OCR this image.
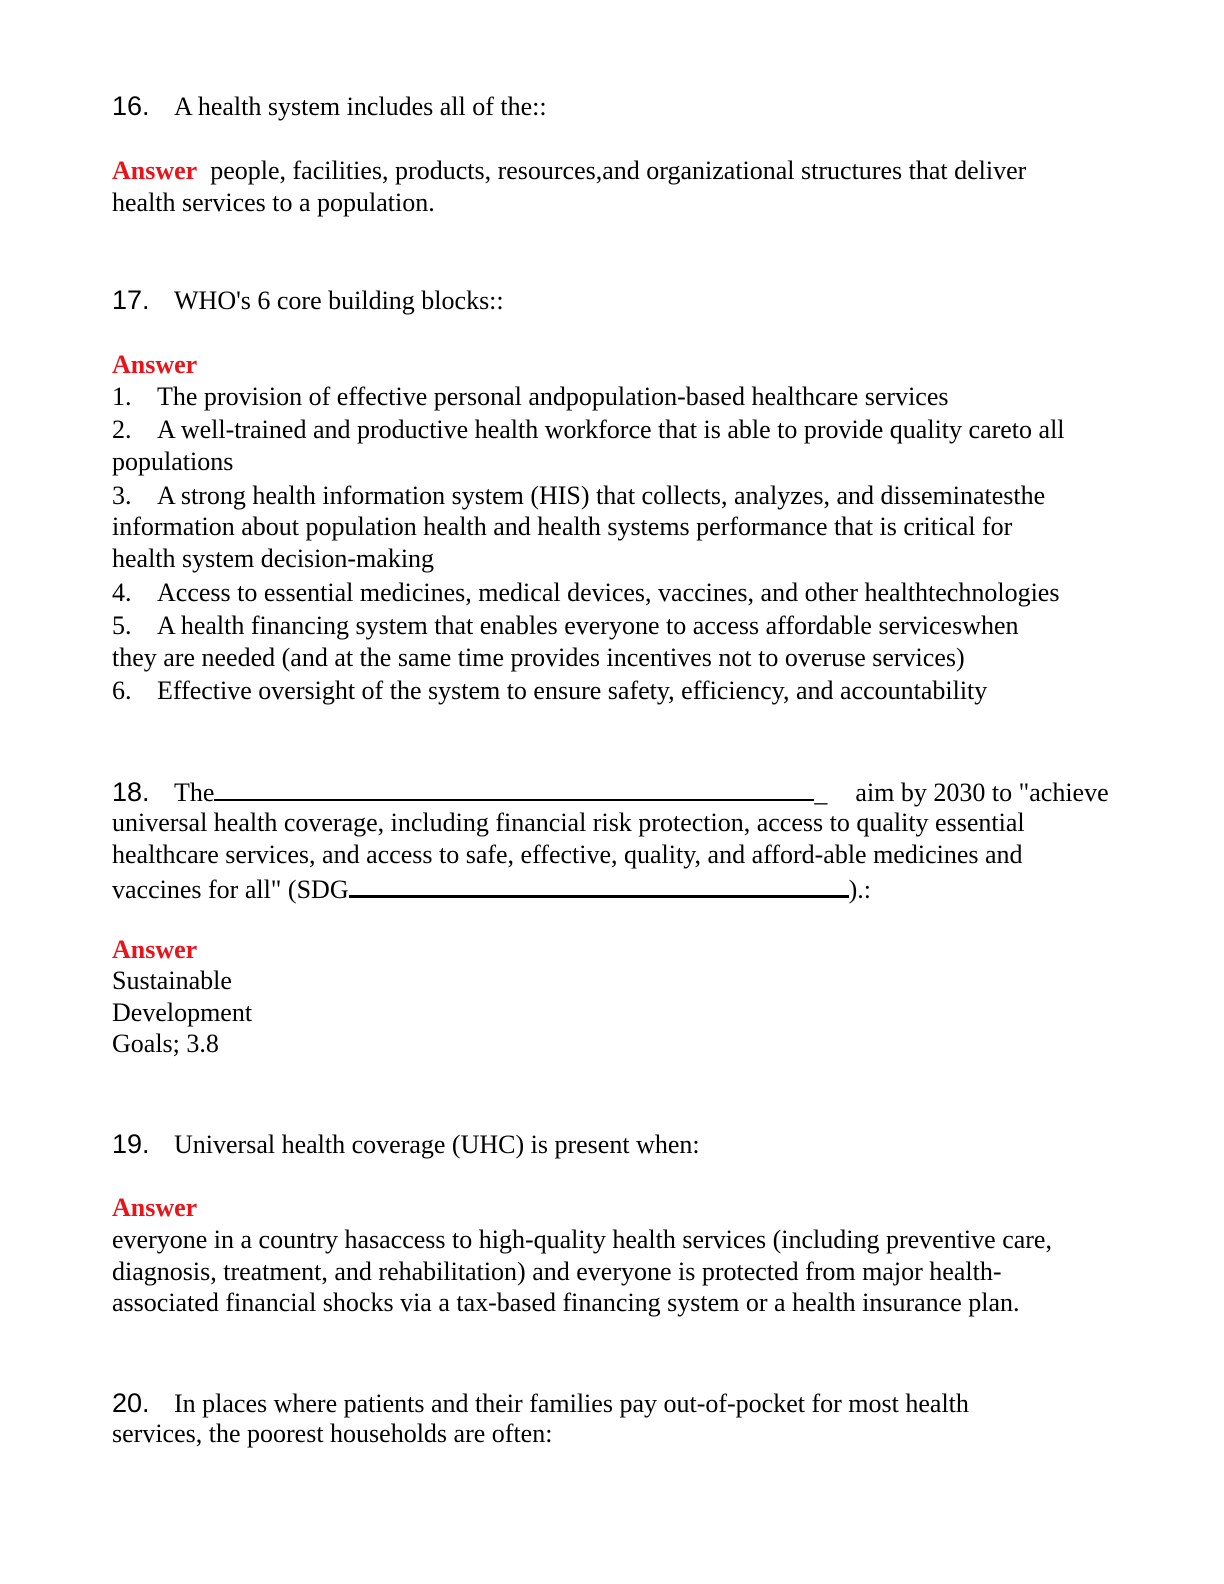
16. A health system includes all of the::
Answer people, facilities, products, resources,and organizational structures that deliver
health services to a population.
17. WHO's 6 core building blocks::
Answer
1. The provision of effective personal andpopulation-based healthcare services
2. A well-trained and productive health workforce that is able to provide quality careto all
populations
3. A strong health information system (HIS) that collects, analyzes, and disseminatesthe
information about population health and health systems performance that is critical for
health system decision-making
4. Access to essential medicines, medical devices, vaccines, and other healthtechnologies
5. A health financing system that enables everyone to access affordable serviceswhen
they are needed (and at the same time provides incentives not to overuse services)
6. Effective oversight of the system to ensure safety, efficiency, and accountability
18. The	_ aim by 2030 to "achieve
universal health coverage, including financial risk protection, access to quality essential
healthcare services, and access to safe, effective, quality, and afford-able medicines and
vaccines for all" (SDG	).:
Answer
Sustainable
Development
Goals; 3.8
19. Universal health coverage (UHC) is present when:
Answer
everyone in a country hasaccess to high-quality health services (including preventive care,
diagnosis, treatment, and rehabilitation) and everyone is protected from major health-
associated financial shocks via a tax-based financing system or a health insurance plan.
20. In places where patients and their families pay out-of-pocket for most health
services, the poorest households are often:
